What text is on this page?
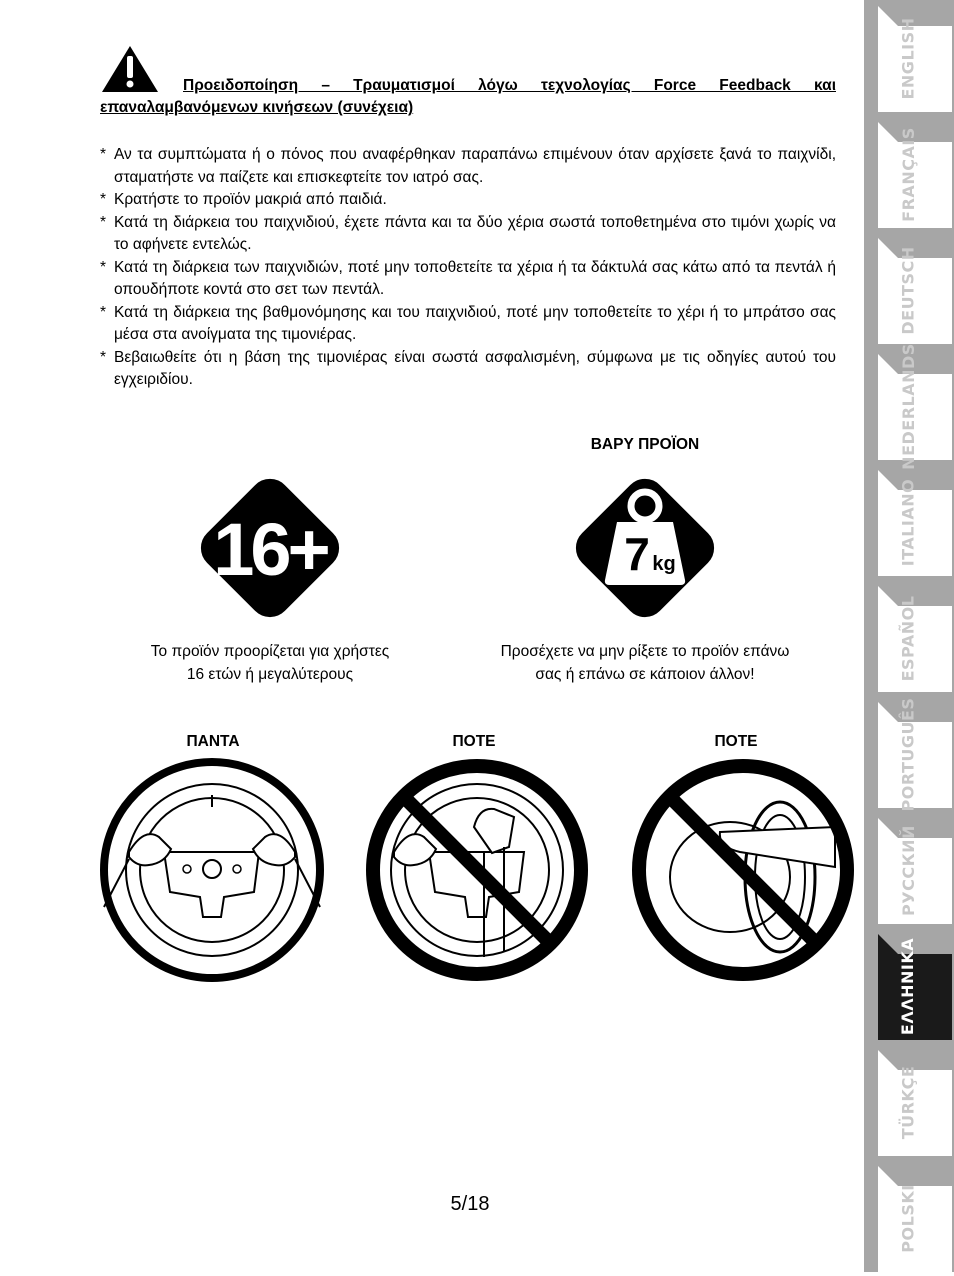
Προειδοποίηση – Τραυματισμοί λόγω τεχνολογίας Force Feedback και

επαναλαμβανόμενων κινήσεων (συνέχεια)

* Αν τα συμπτώματα ή ο πόνος που αναφέρθηκαν παραπάνω επιμένουν όταν αρχίσετε ξανά το παιχνίδι, σταματήστε να παίζετε και επισκεφτείτε τον ιατρό σας.
* Κρατήστε το προϊόν μακριά από παιδιά.
* Κατά τη διάρκεια του παιχνιδιού, έχετε πάντα και τα δύο χέρια σωστά τοποθετημένα στο τιμόνι χωρίς να το αφήνετε εντελώς.
* Κατά τη διάρκεια των παιχνιδιών, ποτέ μην τοποθετείτε τα χέρια ή τα δάκτυλά σας κάτω από τα πεντάλ ή οπουδήποτε κοντά στο σετ των πεντάλ.
* Κατά τη διάρκεια της βαθμονόμησης και του παιχνιδιού, ποτέ μην τοποθετείτε το χέρι ή το μπράτσο σας μέσα στα ανοίγματα της τιμονιέρας.
* Βεβαιωθείτε ότι η βάση της τιμονιέρας είναι σωστά ασφαλισμένη, σύμφωνα με τις οδηγίες αυτού του εγχειριδίου.
ΒΑΡΥ ΠΡΟΪΟΝ
16+	7 kg
Το προϊόν προορίζεται για χρήστες
16 ετών ή μεγαλύτερους
Προσέχετε να μην ρίξετε το προϊόν επάνω
σας ή επάνω σε κάποιον άλλον!
ΠΑΝΤΑ	ΠΟΤΕ	ΠΟΤΕ
5/18
ENGLISH
FRANÇAIS
DEUTSCH
NEDERLANDS
ITALIANO
ESPAÑOL
PORTUGUÊS
РУССКИЙ
ΕΛΛΗΝΙΚΑ
TÜRKÇE
POLSKI
